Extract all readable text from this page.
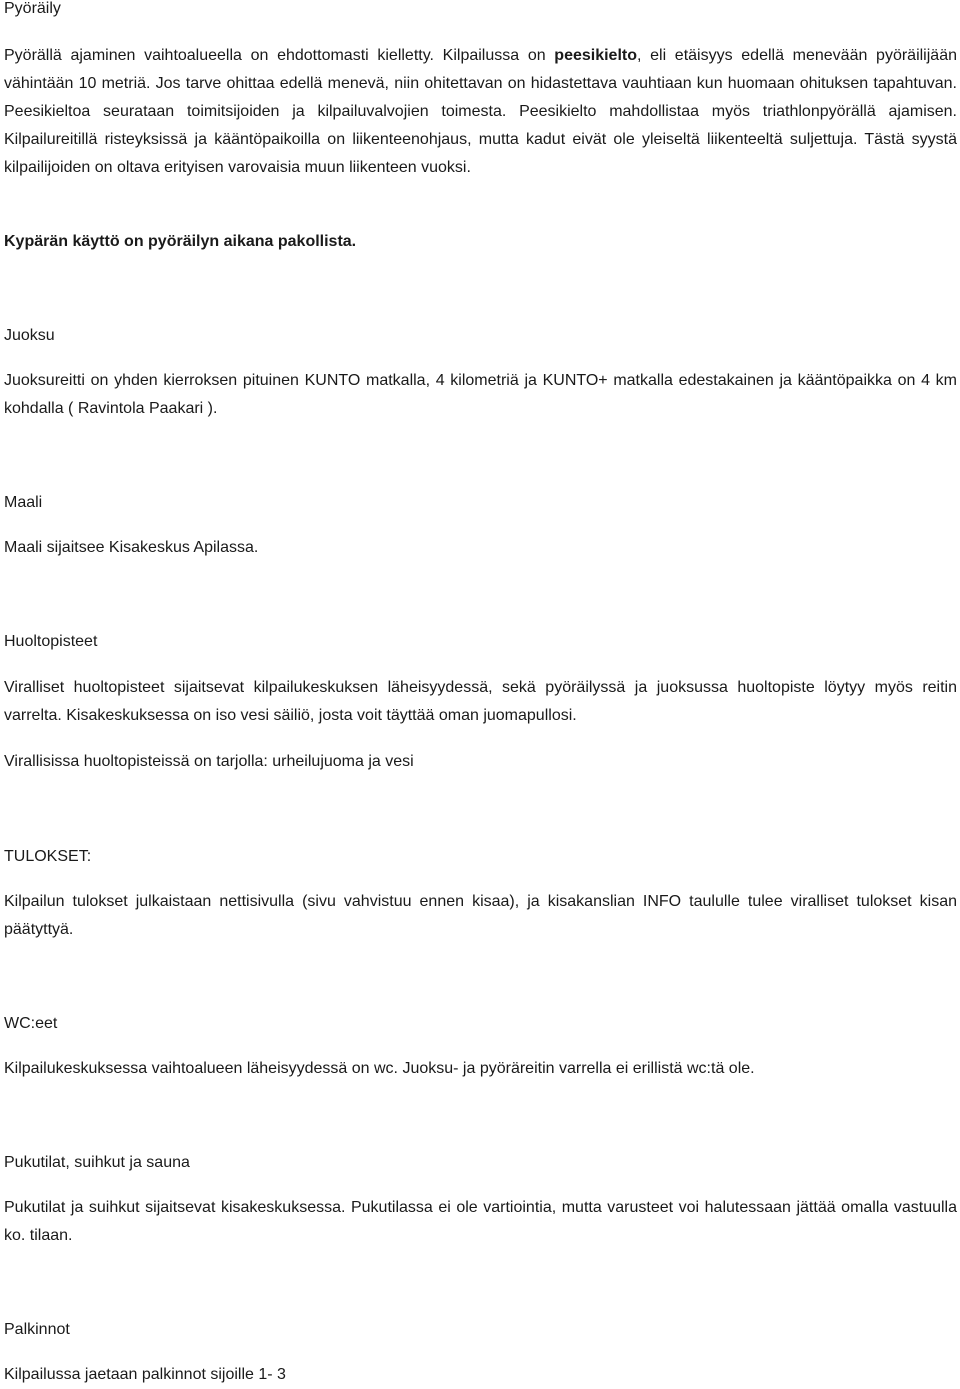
Pyöräily

Pyörällä ajaminen vaihtoalueella on ehdottomasti kielletty. Kilpailussa on peesikielto, eli etäisyys edellä menevään pyöräilijään vähintään 10 metriä. Jos tarve ohittaa edellä menevä, niin ohitettavan on hidastettava vauhtiaan kun huomaan ohituksen tapahtuvan. Peesikieltoa seurataan toimitsijoiden ja kilpailuvalvojien toimesta. Peesikielto mahdollistaa myös triathlonpyörällä ajamisen. Kilpailureitillä risteyksissä ja kääntöpaikoilla on liikenteenohjaus, mutta kadut eivät ole yleiseltä liikenteeltä suljettuja. Tästä syystä kilpailijoiden on oltava erityisen varovaisia muun liikenteen vuoksi.

Kypärän käyttö on pyöräilyn aikana pakollista.

Juoksu

Juoksureitti on yhden kierroksen pituinen KUNTO matkalla, 4 kilometriä ja KUNTO+ matkalla edestakainen ja kääntöpaikka on 4 km kohdalla ( Ravintola Paakari ).

Maali

Maali sijaitsee Kisakeskus Apilassa.

Huoltopisteet

Viralliset huoltopisteet sijaitsevat kilpailukeskuksen läheisyydessä, sekä pyöräilyssä ja juoksussa huoltopiste löytyy myös reitin varrelta. Kisakeskuksessa on iso vesi säiliö, josta voit täyttää oman juomapullosi.

Virallisissa huoltopisteissä on tarjolla: urheilujuoma ja vesi

TULOKSET:

Kilpailun tulokset julkaistaan nettisivulla (sivu vahvistuu ennen kisaa), ja kisakanslian INFO taululle tulee viralliset tulokset kisan päätyttyä.

WC:eet

Kilpailukeskuksessa vaihtoalueen läheisyydessä on wc. Juoksu- ja pyöräreitin varrella ei erillistä wc:tä ole.

Pukutilat, suihkut ja sauna

Pukutilat ja suihkut sijaitsevat kisakeskuksessa. Pukutilassa ei ole vartiointia, mutta varusteet voi halutessaan jättää omalla vastuulla ko. tilaan.

Palkinnot

Kilpailussa jaetaan palkinnot sijoille 1- 3
